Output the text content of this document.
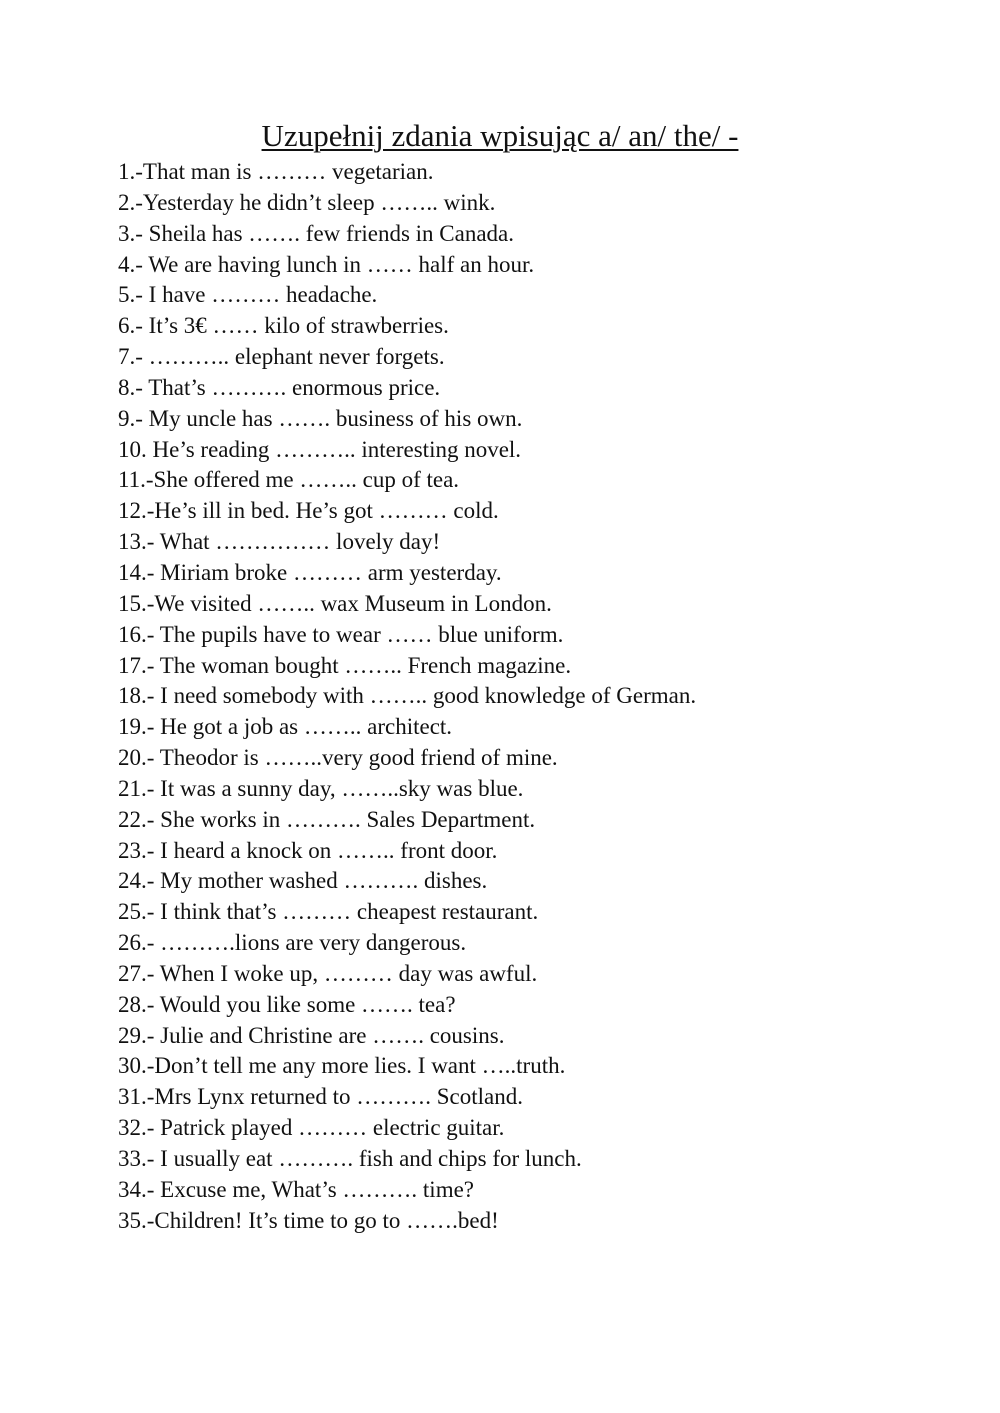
Uzupełnij zdania wpisując a/ an/ the/ -
1.-That man is ……… vegetarian.
2.-Yesterday he didn’t sleep …….. wink.
3.- Sheila has ……. few friends in Canada.
4.- We are having lunch in …… half an hour.
5.- I have ……… headache.
6.- It’s 3€ …… kilo of strawberries.
7.- ……….. elephant never forgets.
8.- That’s ………. enormous price.
9.- My uncle has ……. business of his own.
10. He’s reading ……….. interesting novel.
11.-She offered me …….. cup of tea.
12.-He’s ill in bed. He’s got ……… cold.
13.- What …………… lovely day!
14.- Miriam broke ……… arm yesterday.
15.-We visited …….. wax Museum in London.
16.- The pupils have to wear …… blue uniform.
17.- The woman bought …….. French magazine.
18.- I need somebody with …….. good knowledge of German.
19.- He got a job as …….. architect.
20.- Theodor is ……..very good friend of mine.
21.- It was a sunny day, ……..sky was blue.
22.- She works in ………. Sales Department.
23.- I heard a knock on …….. front door.
24.- My mother washed ………. dishes.
25.- I think that’s ……… cheapest restaurant.
26.- ……….lions are very dangerous.
27.- When I woke up, ……… day was awful.
28.- Would you like some ……. tea?
29.- Julie and Christine are ……. cousins.
30.-Don’t tell me any more lies. I want …..truth.
31.-Mrs Lynx returned to ………. Scotland.
32.- Patrick played ……… electric guitar.
33.- I usually eat ………. fish and chips for lunch.
34.- Excuse me, What’s ………. time?
35.-Children! It’s time to go to …….bed!
